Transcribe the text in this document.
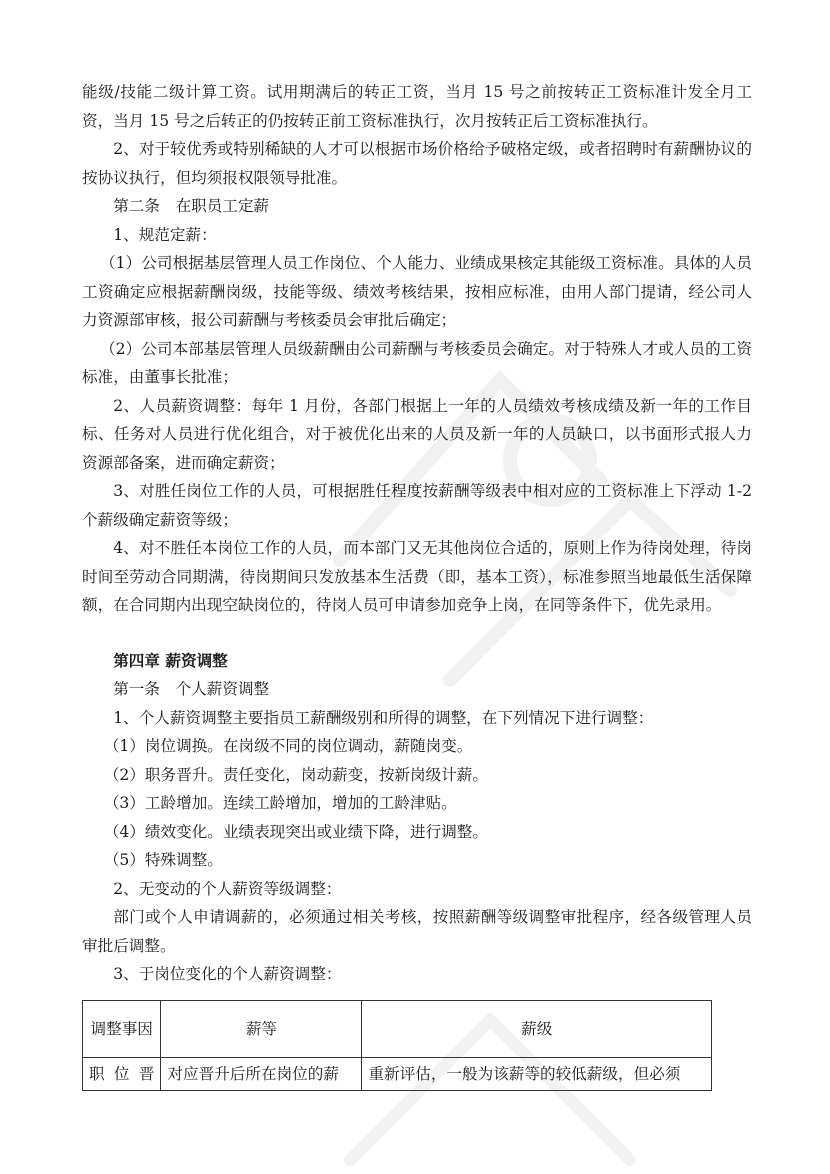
能级/技能二级计算工资。试用期满后的转正工资，当月 15 号之前按转正工资标准计发全月工资，当月 15 号之后转正的仍按转正前工资标准执行，次月按转正后工资标准执行。

2、对于较优秀或特别稀缺的人才可以根据市场价格给予破格定级，或者招聘时有薪酬协议的按协议执行，但均须报权限领导批准。

第二条　在职员工定薪

1、规范定薪：

（1）公司根据基层管理人员工作岗位、个人能力、业绩成果核定其能级工资标准。具体的人员工资确定应根据薪酬岗级，技能等级、绩效考核结果，按相应标准，由用人部门提请，经公司人力资源部审核，报公司薪酬与考核委员会审批后确定；

（2）公司本部基层管理人员级薪酬由公司薪酬与考核委员会确定。对于特殊人才或人员的工资标准，由董事长批准；

2、人员薪资调整：每年 1 月份，各部门根据上一年的人员绩效考核成绩及新一年的工作目标、任务对人员进行优化组合，对于被优化出来的人员及新一年的人员缺口，以书面形式报人力资源部备案，进而确定薪资；

3、对胜任岗位工作的人员，可根据胜任程度按薪酬等级表中相对应的工资标准上下浮动 1-2 个薪级确定薪资等级；

4、对不胜任本岗位工作的人员，而本部门又无其他岗位合适的，原则上作为待岗处理，待岗时间至劳动合同期满，待岗期间只发放基本生活费（即，基本工资），标准参照当地最低生活保障额，在合同期内出现空缺岗位的，待岗人员可申请参加竞争上岗，在同等条件下，优先录用。

第四章 薪资调整

第一条　个人薪资调整

1、个人薪资调整主要指员工薪酬级别和所得的调整，在下列情况下进行调整：

（1）岗位调换。在岗级不同的岗位调动，薪随岗变。

（2）职务晋升。责任变化，岗动薪变，按新岗级计薪。

（3）工龄增加。连续工龄增加，增加的工龄津贴。

（4）绩效变化。业绩表现突出或业绩下降，进行调整。

（5）特殊调整。

2、无变动的个人薪资等级调整：

部门或个人申请调薪的，必须通过相关考核，按照薪酬等级调整审批程序，经各级管理人员审批后调整。

3、于岗位变化的个人薪资调整：

调整事因	薪等	薪级
职 位 晋	对应晋升后所在岗位的薪	重新评估，一般为该薪等的较低薪级，但必须
